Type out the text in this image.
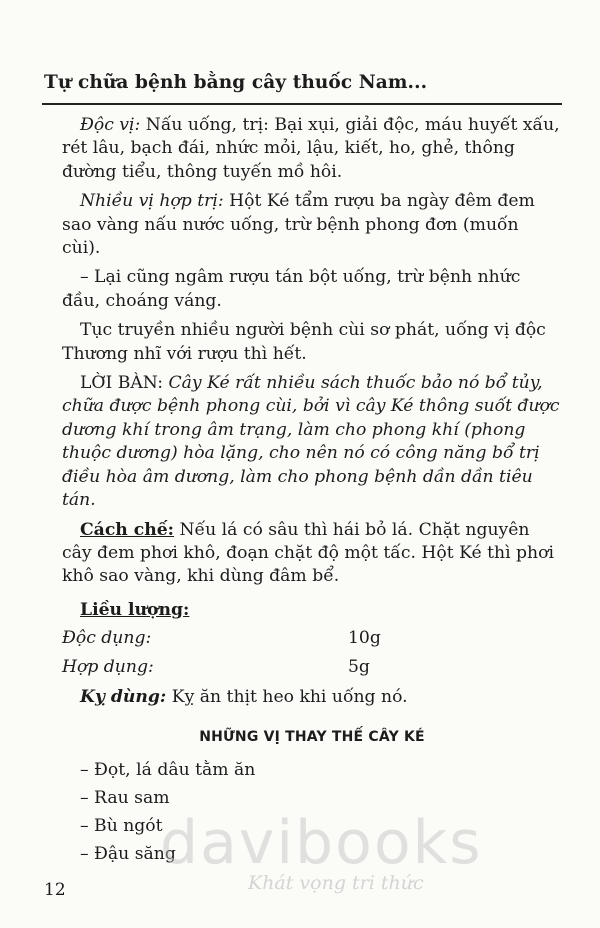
Tự chữa bệnh bằng cây thuốc Nam...

Độc vị: Nấu uống, trị: Bại xụi, giải độc, máu huyết xấu, rét lâu, bạch đái, nhức mỏi, lậu, kiết, ho, ghẻ, thông đường tiểu, thông tuyến mồ hôi.

Nhiều vị hợp trị: Hột Ké tẩm rượu ba ngày đêm đem sao vàng nấu nước uống, trừ bệnh phong đơn (muốn cùi).

– Lại cũng ngâm rượu tán bột uống, trừ bệnh nhức đầu, choáng váng.

Tục truyền nhiều người bệnh cùi sơ phát, uống vị độc Thương nhĩ với rượu thì hết.

LỜI BÀN: Cây Ké rất nhiều sách thuốc bảo nó bổ tủy, chữa được bệnh phong cùi, bởi vì cây Ké thông suốt được dương khí trong âm trạng, làm cho phong khí (phong thuộc dương) hòa lặng, cho nên nó có công năng bổ trị điều hòa âm dương, làm cho phong bệnh dần dần tiêu tán.

Cách chế: Nếu lá có sâu thì hái bỏ lá. Chặt nguyên cây đem phơi khô, đoạn chặt độ một tấc. Hột Ké thì phơi khô sao vàng, khi dùng đâm bể.

Liều lượng:
Độc dụng:	10g
Hợp dụng:	5g
Kỵ dùng: Kỵ ăn thịt heo khi uống nó.
NHỮNG VỊ THAY THẾ CÂY KÉ
– Đọt, lá dâu tằm ăn
– Rau sam
– Bù ngót
– Đậu săng
davibooks
Khát vọng tri thức
12
